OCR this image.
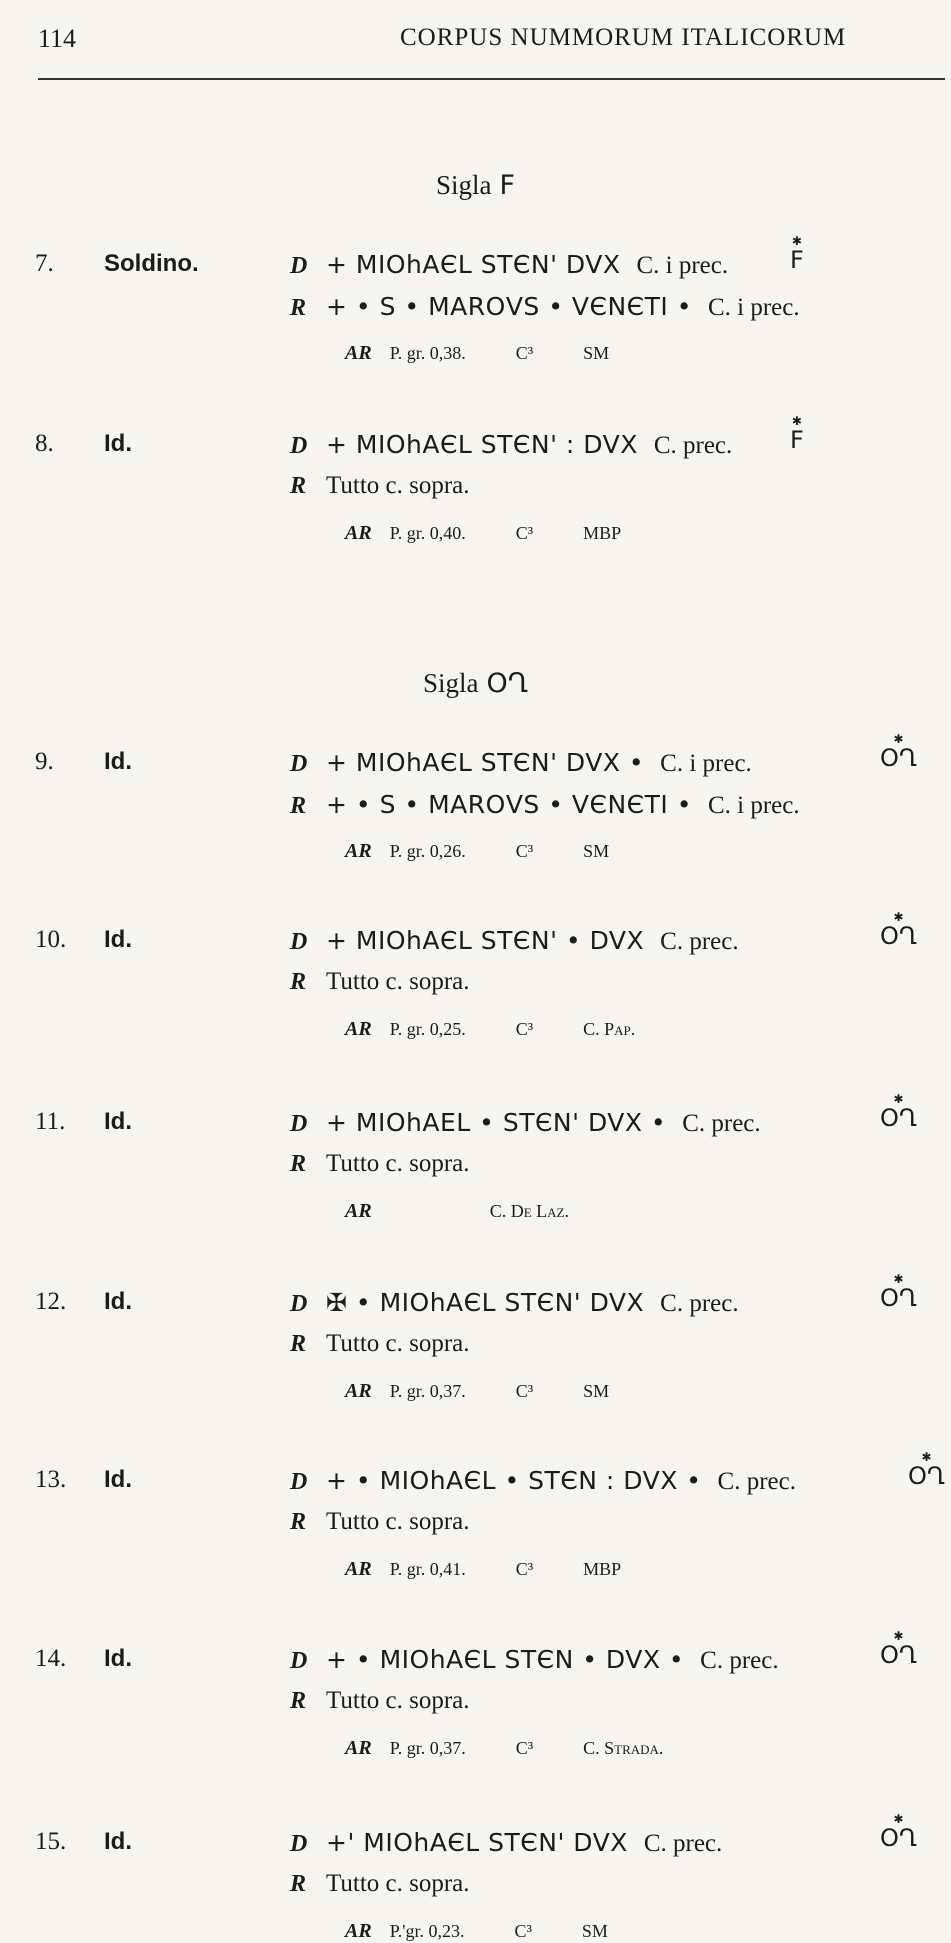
114	CORPUS NUMMORUM ITALICORUM
Sigla F
Sigla ՕՂ
7. Soldino.	D + MIՕhAЄL STЄN' DVX C. i prec.
✱
F
R + • S • MARՕVS • VЄNЄTI • C. i prec.
AR P. gr. 0,38.	C³	SM
8. Id.	D + MIՕhAЄL STЄN' : DVX C. prec.
✱
F
R Tutto c. sopra.
AR P. gr. 0,40.	C³	MBP
9. Id.	D + MIՕhAЄL STЄN' DVX • C. i prec.
✱
ՕՂ
R + • S • MARՕVS • VЄNЄTI • C. i prec.
AR P. gr. 0,26.	C³	SM
10. Id.	D + MIՕhAЄL STЄN' • DVX C. prec.
✱
ՕՂ
R Tutto c. sopra.
AR P. gr. 0,25.	C³	C. Pap.
11. Id.	D + MIՕhAEL • STЄN' DVX • C. prec.
✱
ՕՂ
R Tutto c. sopra.
AR	C. De Laz.
12. Id.	D ✠ • MIՕhAЄL STЄN' DVX C. prec.
✱
ՕՂ
R Tutto c. sopra.
AR P. gr. 0,37.	C³	SM
13. Id.	D + • MIՕhAЄL • STЄN : DVX • C. prec.
✱
ՕՂ
R Tutto c. sopra.
AR P. gr. 0,41.	C³	MBP
14. Id.	D + • MIՕhAЄL STЄN • DVX • C. prec.
✱
ՕՂ
R Tutto c. sopra.
AR P. gr. 0,37.	C³	C. Strada.
15. Id.	D +' MIՕhAЄL STЄN' DVX C. prec.
✱
ՕՂ
R Tutto c. sopra.
AR P.'gr. 0,23.	C³	SM
